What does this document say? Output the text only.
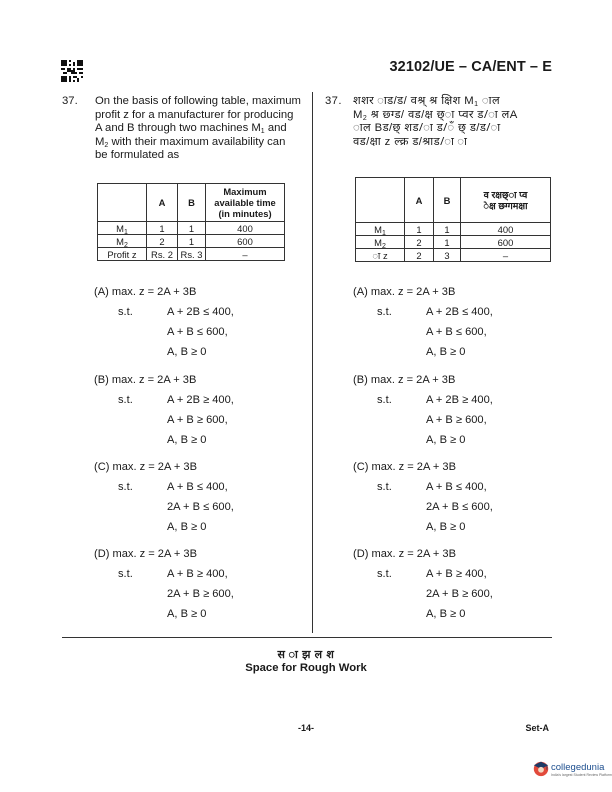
32102/UE – CA/ENT – E
37. On the basis of following table, maximum
profit z for a manufacturer for producing
A and B through two machines $M_1$ and
$M_2$ with their maximum availability can
be formulated as
	A	B	Maximum
available time
(in minutes)

$M_1$	1	1	400
$M_2$	2	1	600
Profit z	Rs. 2	Rs. 3	–
(A) max. z = 2A + 3B
s.t.	A + 2B ≤ 400,
A + B ≤ 600,
A, B ≥ 0
(B) max. z = 2A + 3B
s.t.	A + 2B ≥ 400,
A + B ≥ 600,
A, B ≥ 0
(C) max. z = 2A + 3B
s.t.	A + B ≤ 400,
2A + B ≤ 600,
A, B ≥ 0
(D) max. z = 2A + 3B
s.t.	A + B ≥ 400,
2A + B ≥ 600,
A, B ≥ 0
37. शशर ाड/ड/ वश्र् श्र क्षिश $M_1$ ाल
$M_2$ श्र छ्ग्ड/ वड/क्ष छ्ा प्वर ड/ा लA
ाल Bड/छ् शड/ा ड/ँ छ् ड/ड/ा
वड/क्षा z ल्क्र ड/श्राड/ा ा
	A	B	व रक्षछ्ा प्व
ेक्ष छग्गमक्षा

$M_1$	1	1	400
$M_2$	2	1	600
ा z	2	3	–
(A) max. z = 2A + 3B
s.t.	A + 2B ≤ 400,
A + B ≤ 600,
A, B ≥ 0
(B) max. z = 2A + 3B
s.t.	A + 2B ≥ 400,
A + B ≥ 600,
A, B ≥ 0
(C) max. z = 2A + 3B
s.t.	A + B ≤ 400,
2A + B ≤ 600,
A, B ≥ 0
(D) max. z = 2A + 3B
s.t.	A + B ≥ 400,
2A + B ≥ 600,
A, B ≥ 0
स ा झ ल श
Space for Rough Work
-14-	Set-A
collegedunia
India's largest Student Review Platform
